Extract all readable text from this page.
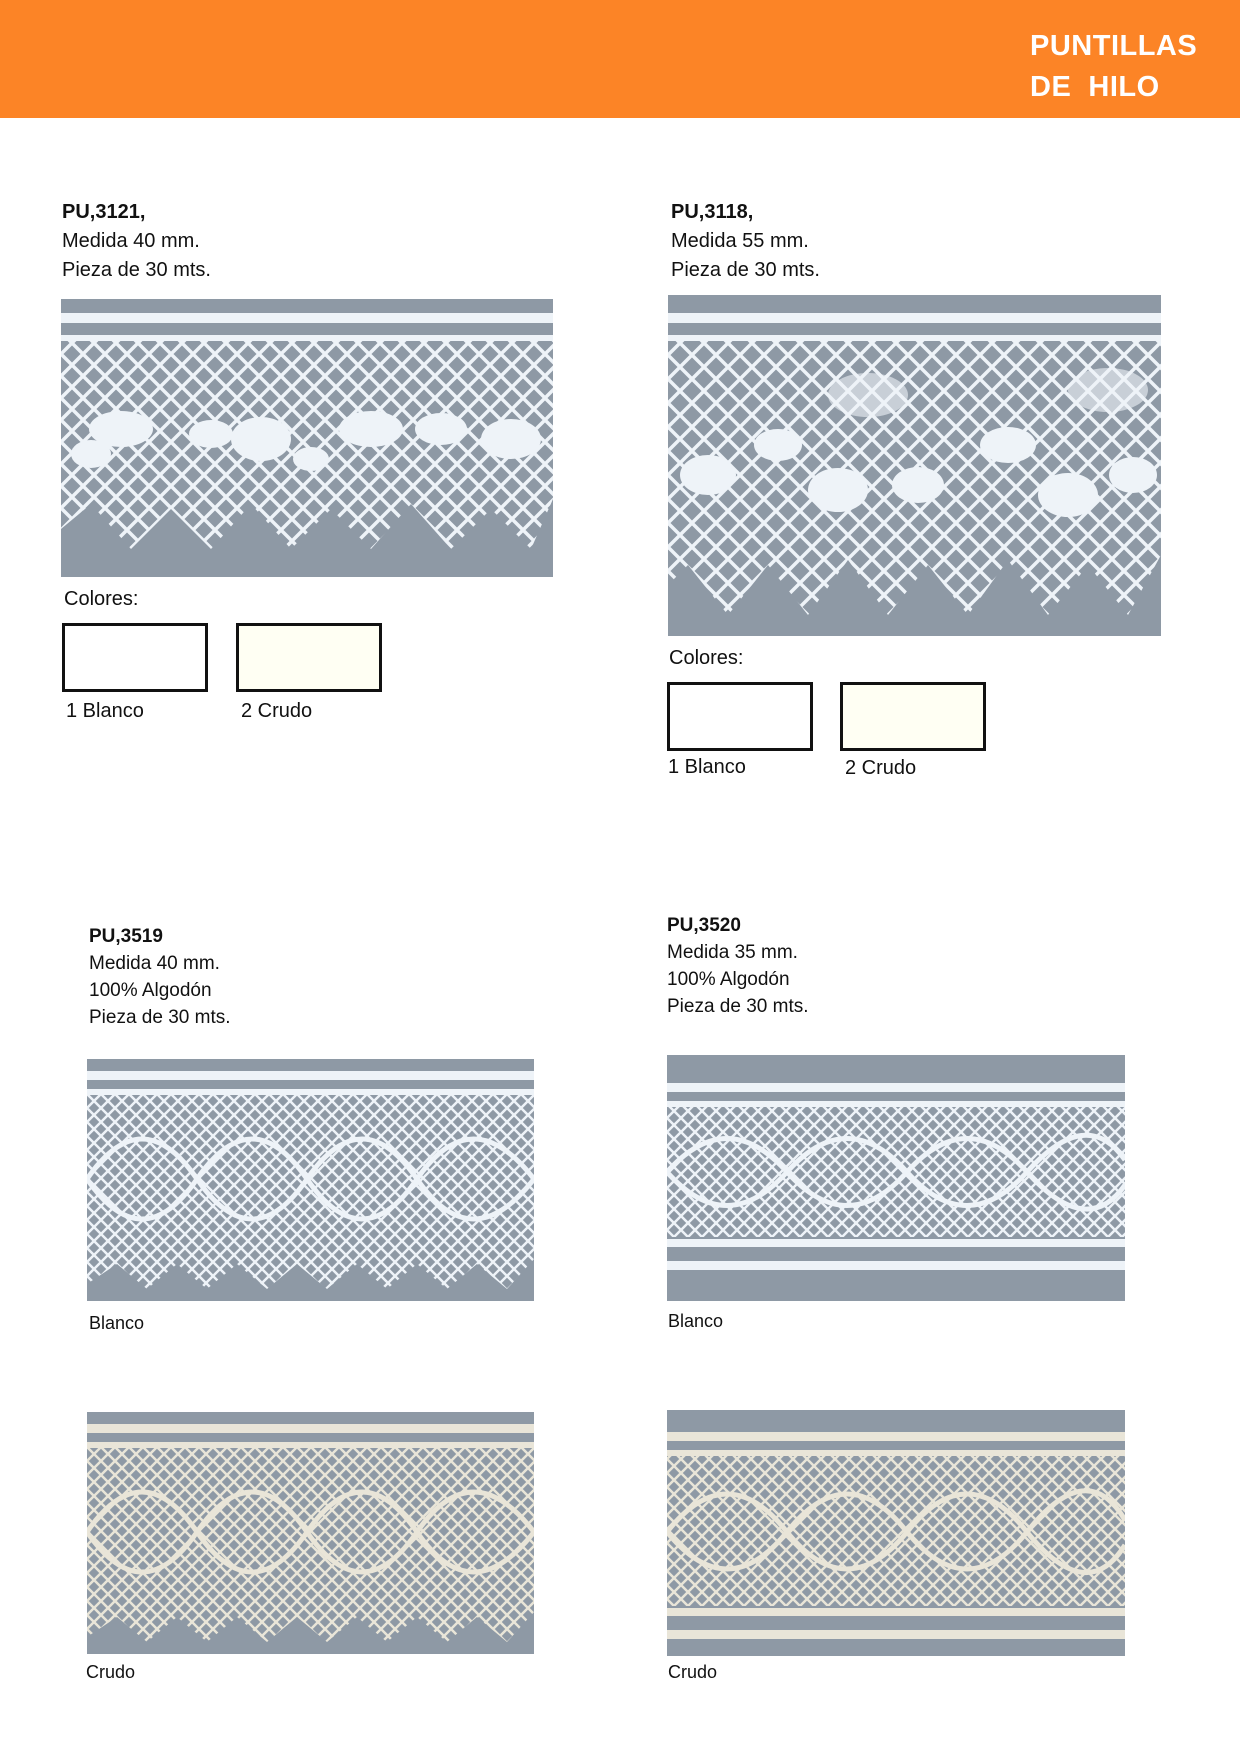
PUNTILLAS
DE  HILO
PU,3121,
Medida 40 mm.
Pieza de 30 mts.
Colores:
1 Blanco	2 Crudo
PU,3118,
Medida 55 mm.
Pieza de 30 mts.
Colores:
1 Blanco	2 Crudo
PU,3519
Medida 40 mm.
100% Algodón
Pieza de 30 mts.
Blanco
Crudo
PU,3520
Medida 35 mm.
100% Algodón
Pieza de 30 mts.
Blanco
Crudo
